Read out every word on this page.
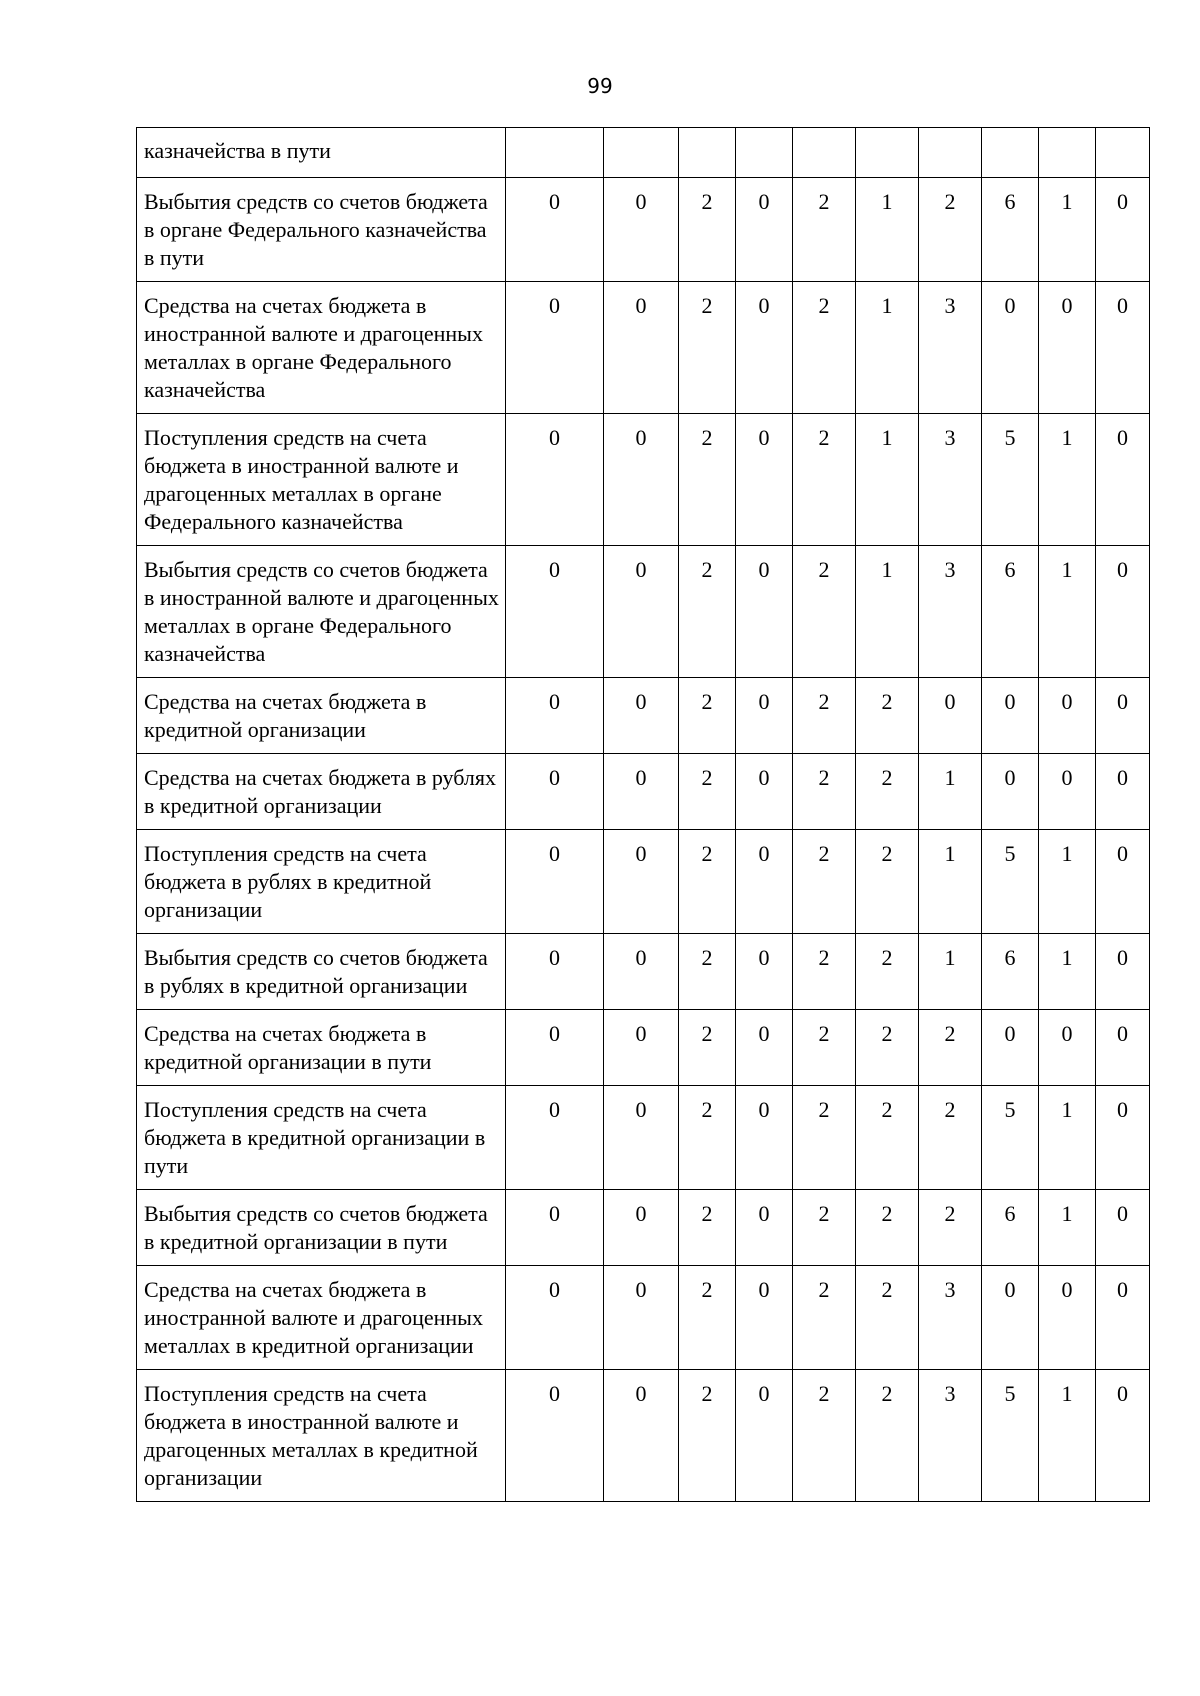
99
казначейства в пути										
Выбытия средств со счетов бюджета в органе Федерального казначейства в пути	0	0	2	0	2	1	2	6	1	0
Средства на счетах бюджета в иностранной валюте и драгоценных металлах в органе Федерального казначейства	0	0	2	0	2	1	3	0	0	0
Поступления средств на счета бюджета в иностранной валюте и драгоценных металлах в органе Федерального казначейства	0	0	2	0	2	1	3	5	1	0
Выбытия средств со счетов бюджета в иностранной валюте и драгоценных металлах в органе Федерального казначейства	0	0	2	0	2	1	3	6	1	0
Средства на счетах бюджета в кредитной организации	0	0	2	0	2	2	0	0	0	0
Средства на счетах бюджета в рублях в кредитной организации	0	0	2	0	2	2	1	0	0	0
Поступления средств на счета бюджета в рублях в кредитной организации	0	0	2	0	2	2	1	5	1	0
Выбытия средств со счетов бюджета в рублях в кредитной организации	0	0	2	0	2	2	1	6	1	0
Средства на счетах бюджета в кредитной организации в пути	0	0	2	0	2	2	2	0	0	0
Поступления средств на счета бюджета в кредитной организации в пути	0	0	2	0	2	2	2	5	1	0
Выбытия средств со счетов бюджета в кредитной организации в пути	0	0	2	0	2	2	2	6	1	0
Средства на счетах бюджета в иностранной валюте и драгоценных металлах в кредитной организации	0	0	2	0	2	2	3	0	0	0
Поступления средств на счета бюджета в иностранной валюте и драгоценных металлах в кредитной организации	0	0	2	0	2	2	3	5	1	0
